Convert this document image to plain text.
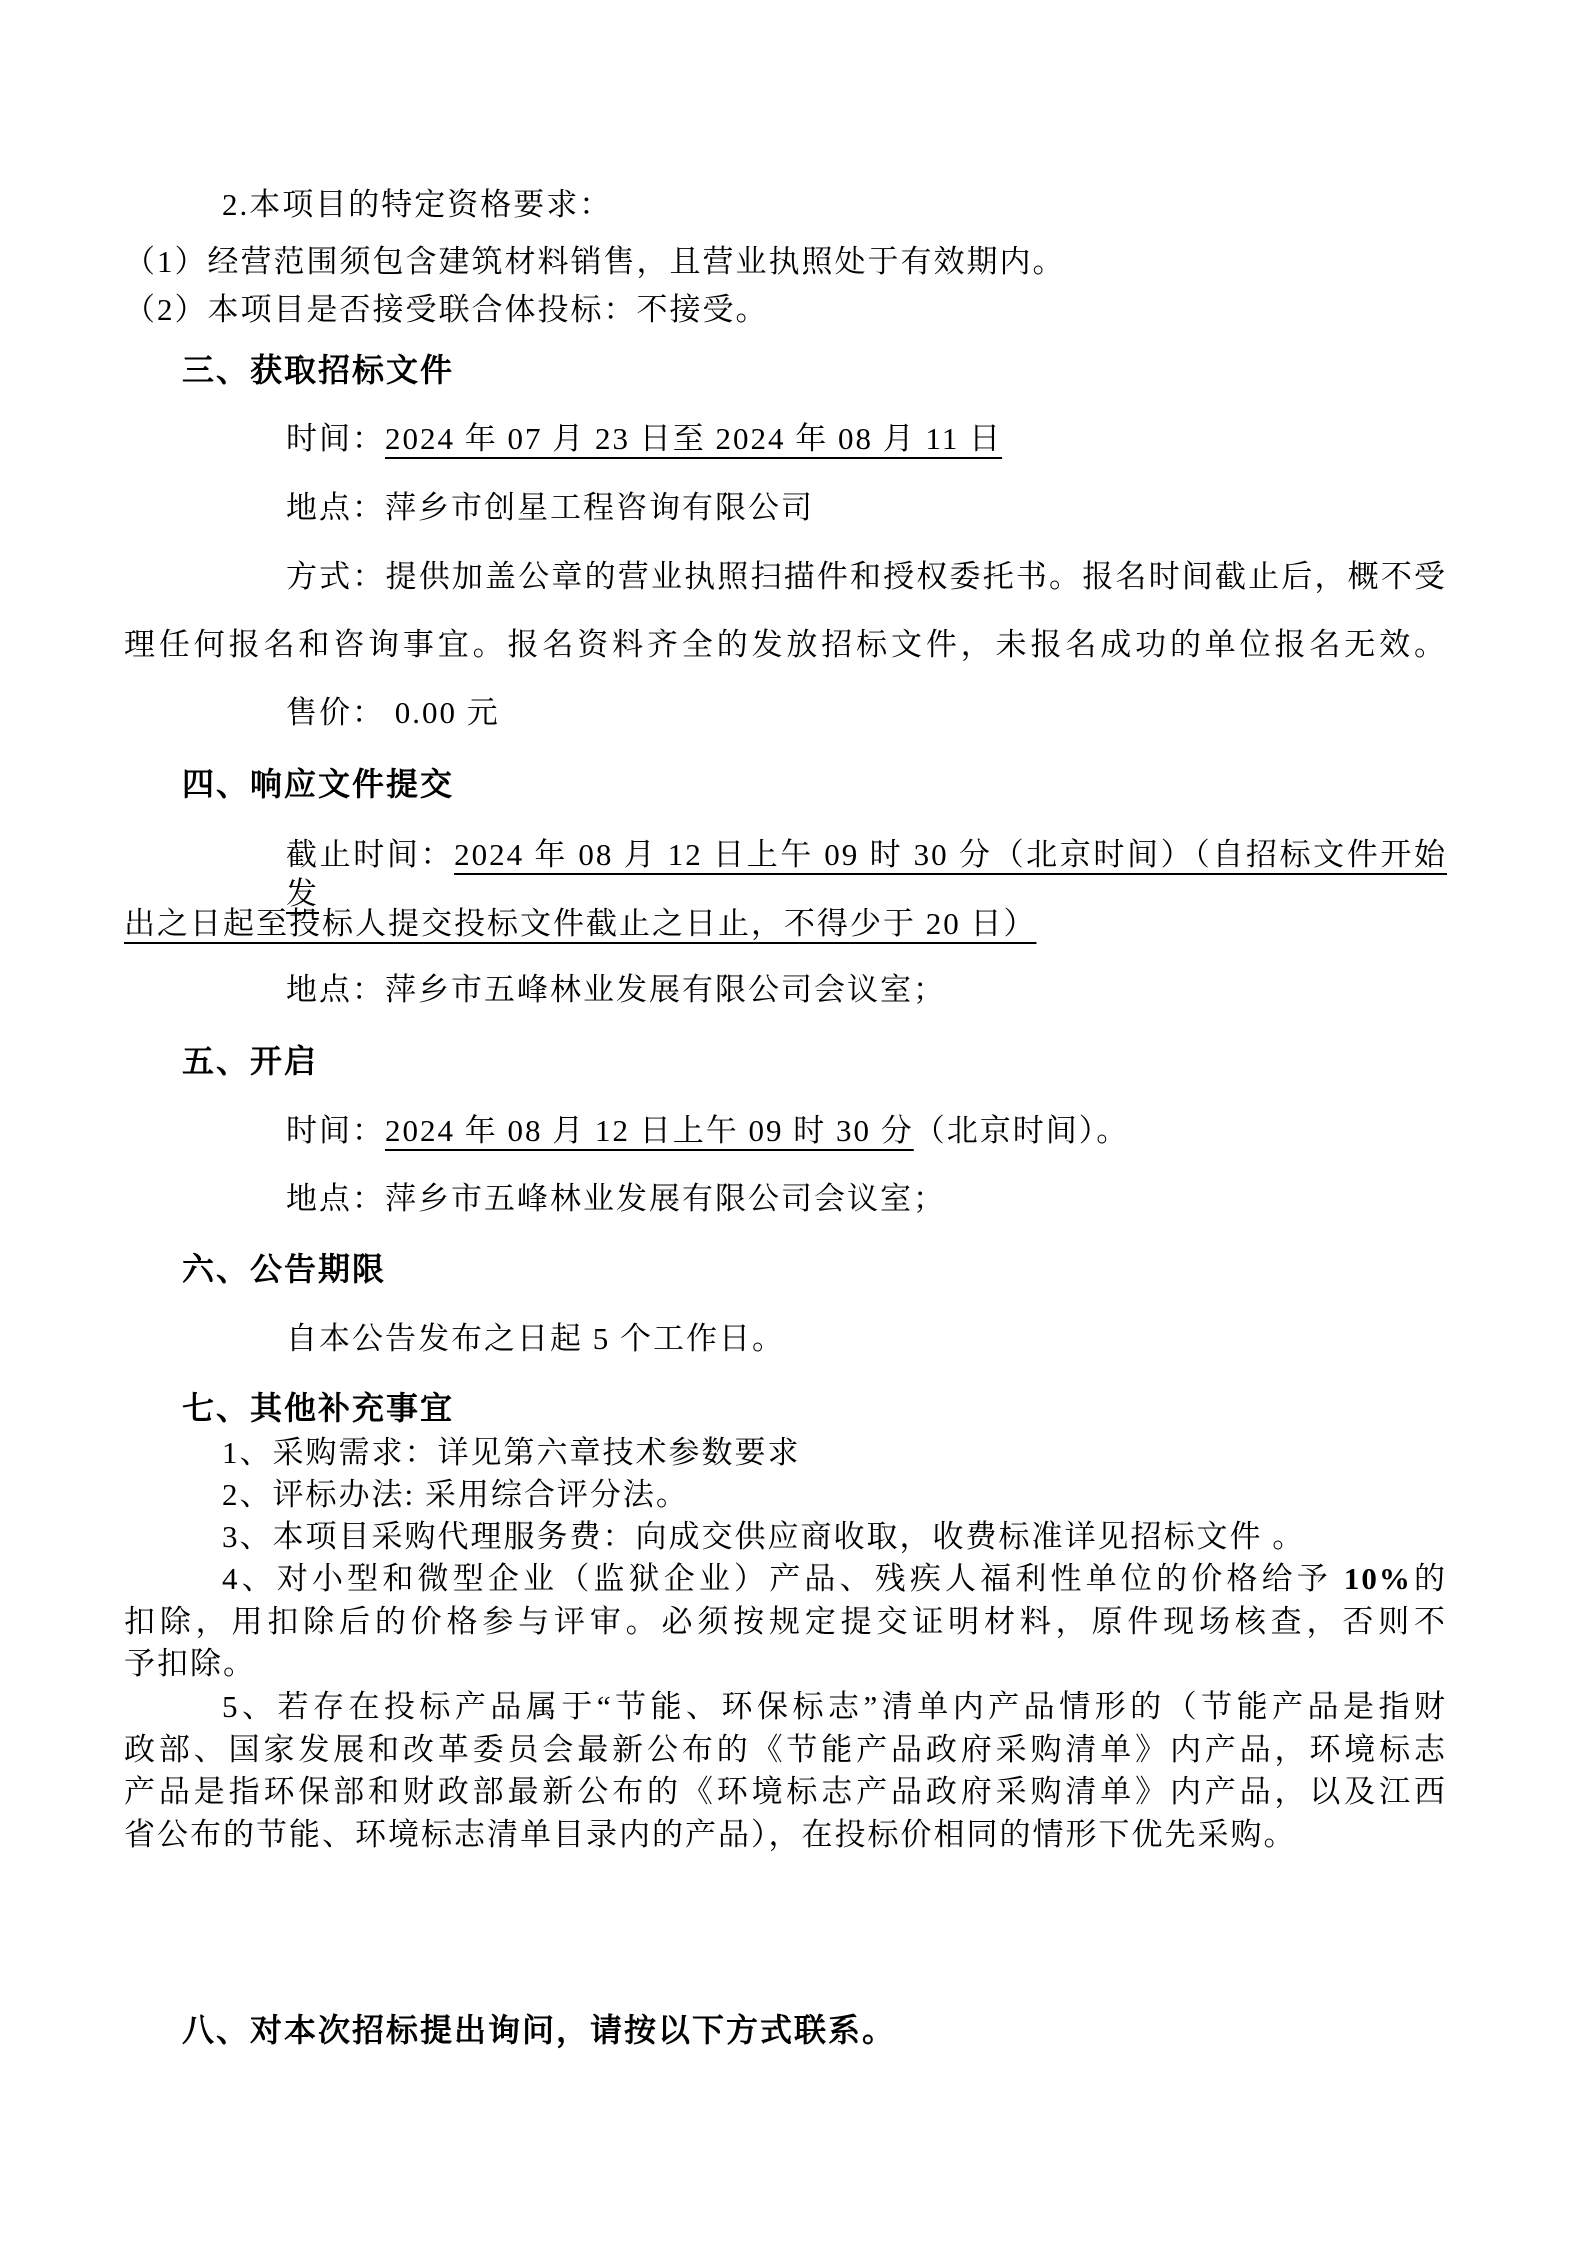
2.本项目的特定资格要求：
（1）经营范围须包含建筑材料销售，且营业执照处于有效期内。
（2）本项目是否接受联合体投标：不接受。
三、获取招标文件
时间：2024 年 07 月 23 日至 2024 年 08 月 11 日
地点：萍乡市创星工程咨询有限公司
方式：提供加盖公章的营业执照扫描件和授权委托书。报名时间截止后，概不受
理任何报名和咨询事宜。报名资料齐全的发放招标文件，未报名成功的单位报名无效。
售价： 0.00 元
四、响应文件提交
截止时间：2024 年 08 月 12 日上午 09 时 30 分（北京时间）（自招标文件开始发
出之日起至投标人提交投标文件截止之日止，不得少于 20 日）
地点：萍乡市五峰林业发展有限公司会议室；
五、开启
时间：2024 年 08 月 12 日上午 09 时 30 分（北京时间）。
地点：萍乡市五峰林业发展有限公司会议室；
六、公告期限
自本公告发布之日起 5 个工作日。
七、其他补充事宜
1、采购需求：详见第六章技术参数要求
2、评标办法: 采用综合评分法。
3、本项目采购代理服务费：向成交供应商收取，收费标准详见招标文件 。
4、对小型和微型企业（监狱企业）产品、残疾人福利性单位的价格给予 10%的
扣除，用扣除后的价格参与评审。必须按规定提交证明材料，原件现场核查，否则不
予扣除。
5、若存在投标产品属于“节能、环保标志”清单内产品情形的（节能产品是指财
政部、国家发展和改革委员会最新公布的《节能产品政府采购清单》内产品，环境标志
产品是指环保部和财政部最新公布的《环境标志产品政府采购清单》内产品，以及江西
省公布的节能、环境标志清单目录内的产品），在投标价相同的情形下优先采购。
八、对本次招标提出询问，请按以下方式联系。
